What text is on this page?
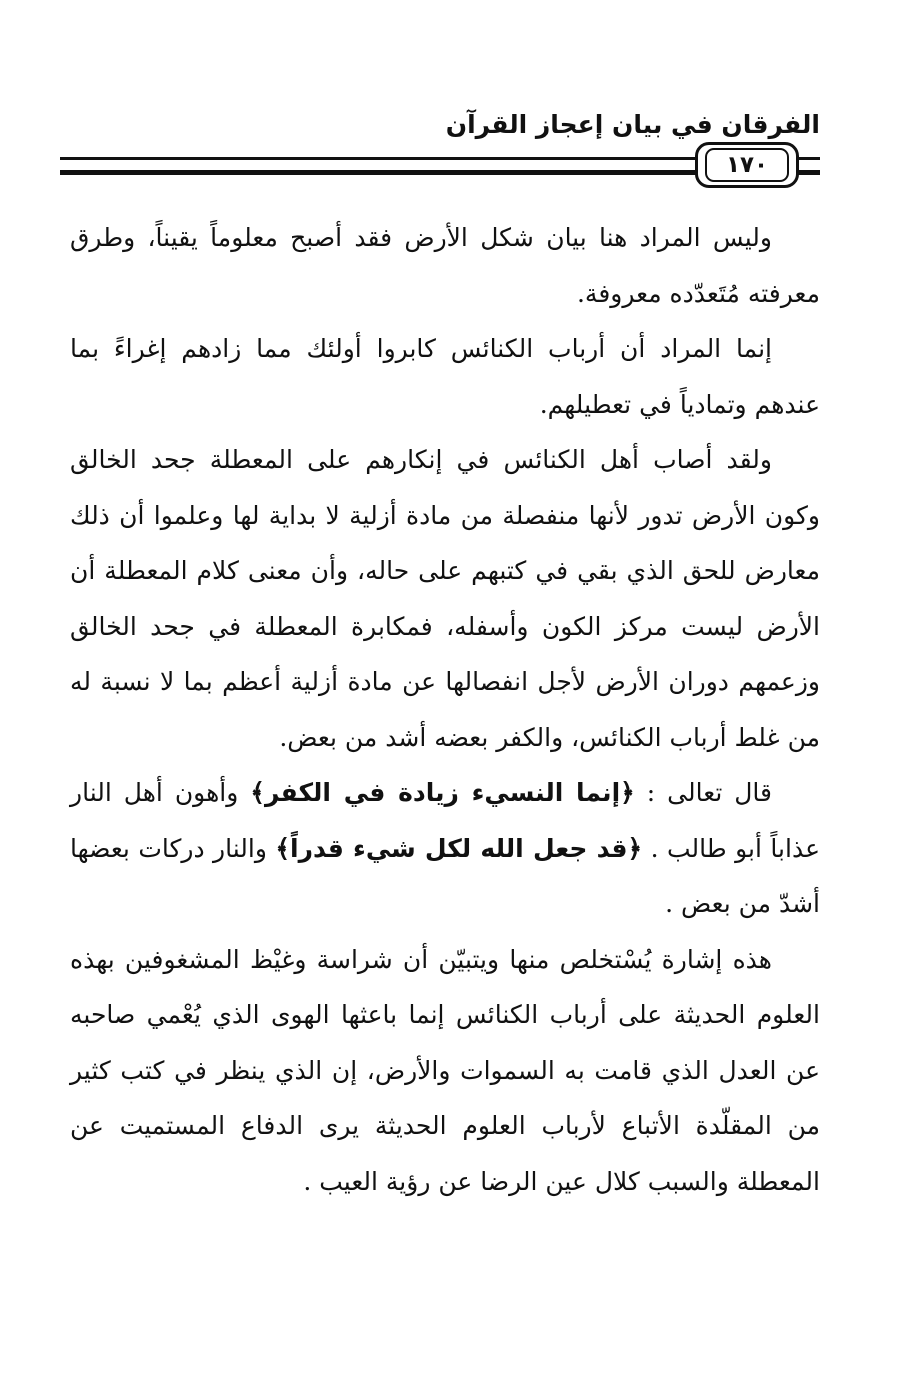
الفرقان في بيان إعجاز القرآن
١٧٠

وليس المراد هنا بيان شكل الأرض فقد أصبح معلوماً يقيناً، وطرق معرفته مُتَعدّده معروفة.

إنما المراد أن أرباب الكنائس كابروا أولئك مما زادهم إغراءً بما عندهم وتمادياً في تعطيلهم.

ولقد أصاب أهل الكنائس في إنكارهم على المعطلة جحد الخالق وكون الأرض تدور لأنها منفصلة من مادة أزلية لا بداية لها وعلموا أن ذلك معارض للحق الذي بقي في كتبهم على حاله، وأن معنى كلام المعطلة أن الأرض ليست مركز الكون وأسفله، فمكابرة المعطلة في جحد الخالق وزعمهم دوران الأرض لأجل انفصالها عن مادة أزلية أعظم بما لا نسبة له من غلط أرباب الكنائس، والكفر بعضه أشد من بعض.

قال تعالى : ﴿إنما النسيء زيادة في الكفر﴾ وأهون أهل النار عذاباً أبو طالب . ﴿قد جعل الله لكل شيء قدراً﴾ والنار دركات بعضها أشدّ من بعض .

هذه إشارة يُسْتخلص منها ويتبيّن أن شراسة وغيْظ المشغوفين بهذه العلوم الحديثة على أرباب الكنائس إنما باعثها الهوى الذي يُعْمي صاحبه عن العدل الذي قامت به السموات والأرض، إن الذي ينظر في كتب كثير من المقلّدة الأتباع لأرباب العلوم الحديثة يرى الدفاع المستميت عن المعطلة والسبب كلال عين الرضا عن رؤية العيب .
